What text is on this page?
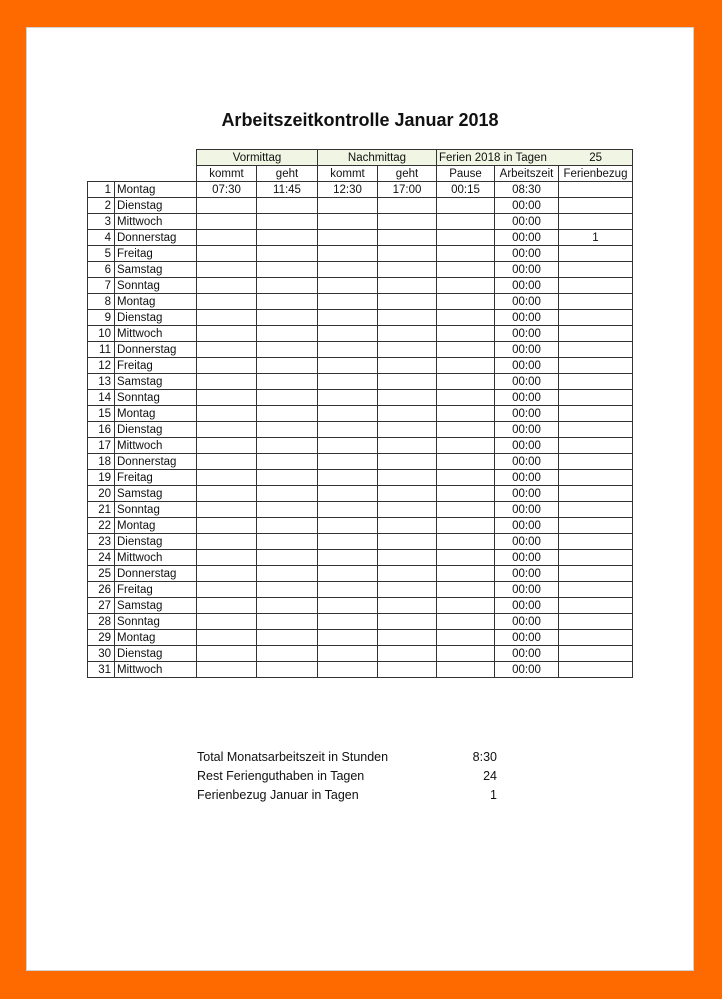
Arbeitszeitkontrolle Januar 2018
		Vormittag		Nachmittag		Ferien 2018 in Tagen 25		

		kommt	geht	kommt	geht	Pause	Arbeitszeit	Ferienbezug
1	Montag	07:30	11:45	12:30	17:00	00:15	08:30	
2	Dienstag						00:00	
3	Mittwoch						00:00	
4	Donnerstag						00:00	1
5	Freitag						00:00	
6	Samstag						00:00	
7	Sonntag						00:00	
8	Montag						00:00	
9	Dienstag						00:00	
10	Mittwoch						00:00	
11	Donnerstag						00:00	
12	Freitag						00:00	
13	Samstag						00:00	
14	Sonntag						00:00	
15	Montag						00:00	
16	Dienstag						00:00	
17	Mittwoch						00:00	
18	Donnerstag						00:00	
19	Freitag						00:00	
20	Samstag						00:00	
21	Sonntag						00:00	
22	Montag						00:00	
23	Dienstag						00:00	
24	Mittwoch						00:00	
25	Donnerstag						00:00	
26	Freitag						00:00	
27	Samstag						00:00	
28	Sonntag						00:00	
29	Montag						00:00	
30	Dienstag						00:00	
31	Mittwoch						00:00	
Total Monatsarbeitszeit in Stunden	8:30
Rest Ferienguthaben in Tagen	24
Ferienbezug Januar in Tagen	1
